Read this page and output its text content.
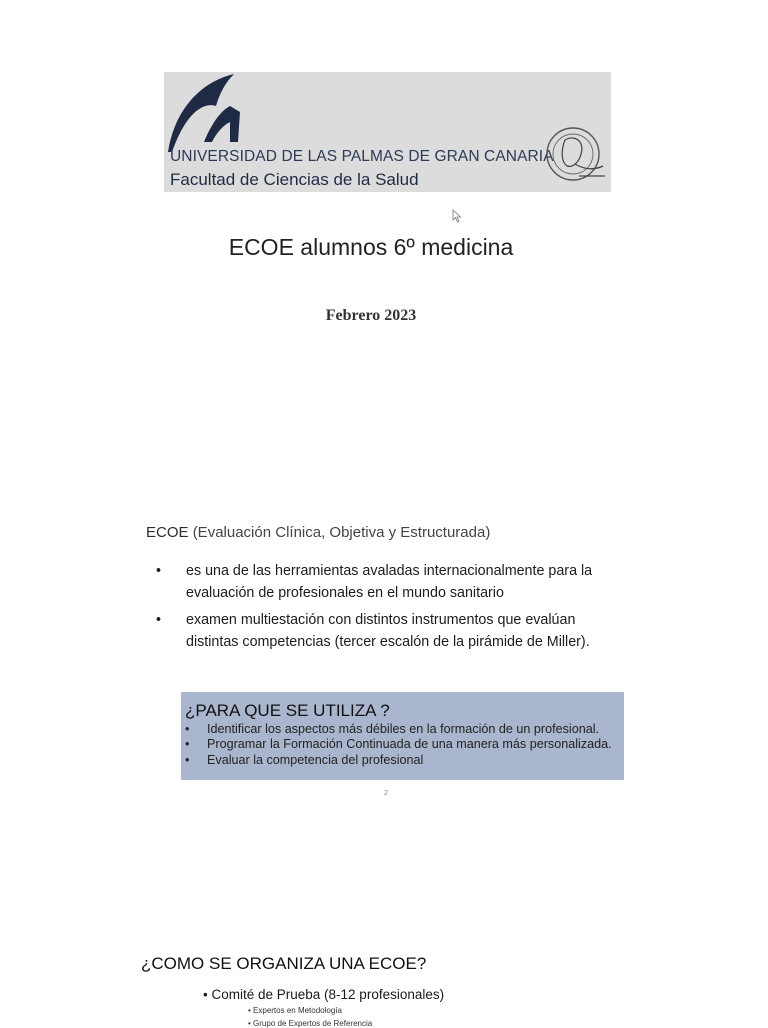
UNIVERSIDAD DE LAS PALMAS DE GRAN CANARIA
Facultad de Ciencias de la Salud
ECOE alumnos 6º medicina
Febrero 2023
ECOE (Evaluación Clínica, Objetiva y Estructurada)
• es una de las herramientas avaladas internacionalmente para la evaluación de profesionales en el mundo sanitario
• examen multiestación con distintos instrumentos que evalúan distintas competencias (tercer escalón de la pirámide de Miller).
¿PARA QUE SE UTILIZA ?
• Identificar los aspectos más débiles en la formación de un profesional.
• Programar la Formación Continuada de una manera más personalizada.
• Evaluar la competencia del profesional
2
¿COMO SE ORGANIZA UNA ECOE?
• Comité de Prueba (8-12 profesionales)
• Expertos en Metodología
• Grupo de Expertos de Referencia
